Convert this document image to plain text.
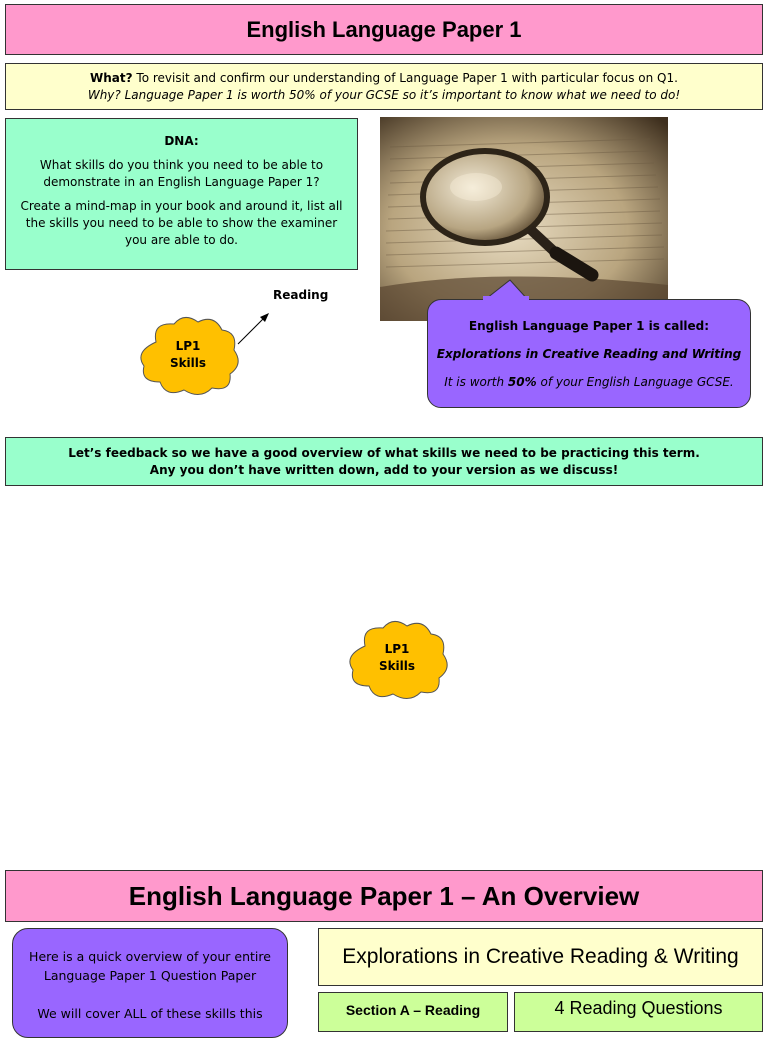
English Language Paper 1
What? To revisit and confirm our understanding of Language Paper 1 with particular focus on Q1.
Why? Language Paper 1 is worth 50% of your GCSE so it’s important to know what we need to do!

DNA:

What skills do you think you need to be able to demonstrate in an English Language Paper 1?

Create a mind-map in your book and around it, list all the skills you need to be able to show the examiner you are able to do.

English Language Paper 1 is called:

Explorations in Creative Reading and Writing

It is worth 50% of your English Language GCSE.

LP1
Skills
Reading
Let’s feedback so we have a good overview of what skills we need to be practicing this term.
Any you don’t have written down, add to your version as we discuss!
LP1
Skills
English Language Paper 1 – An Overview

Here is a quick overview of your entire Language Paper 1 Question Paper

We will cover ALL of these skills this

Explorations in Creative Reading & Writing
Section A – Reading	4 Reading Questions
